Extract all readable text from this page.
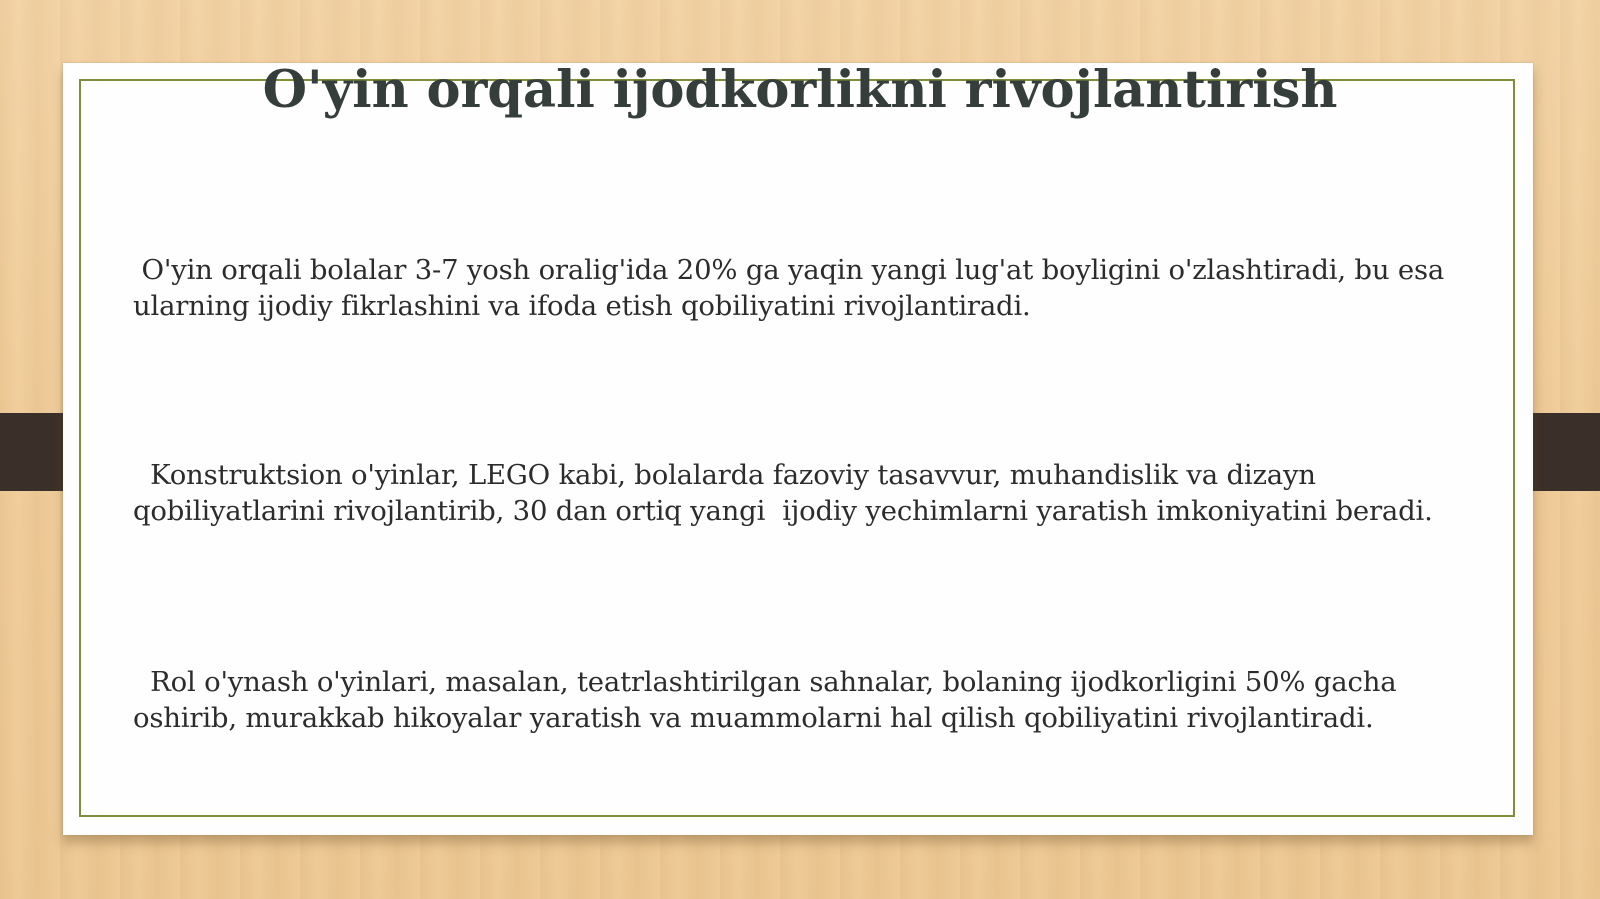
O'yin orqali ijodkorlikni rivojlantirish

O'yin orqali bolalar 3-7 yosh oralig'ida 20% ga yaqin yangi lug'at boyligini o'zlashtiradi, bu esa ularning ijodiy fikrlashini va ifoda etish qobiliyatini rivojlantiradi.

Konstruktsion o'yinlar, LEGO kabi, bolalarda fazoviy tasavvur, muhandislik va dizayn qobiliyatlarini rivojlantirib, 30 dan ortiq yangi  ijodiy yechimlarni yaratish imkoniyatini beradi.

Rol o'ynash o'yinlari, masalan, teatrlashtirilgan sahnalar, bolaning ijodkorligini 50% gacha oshirib, murakkab hikoyalar yaratish va muammolarni hal qilish qobiliyatini rivojlantiradi.
